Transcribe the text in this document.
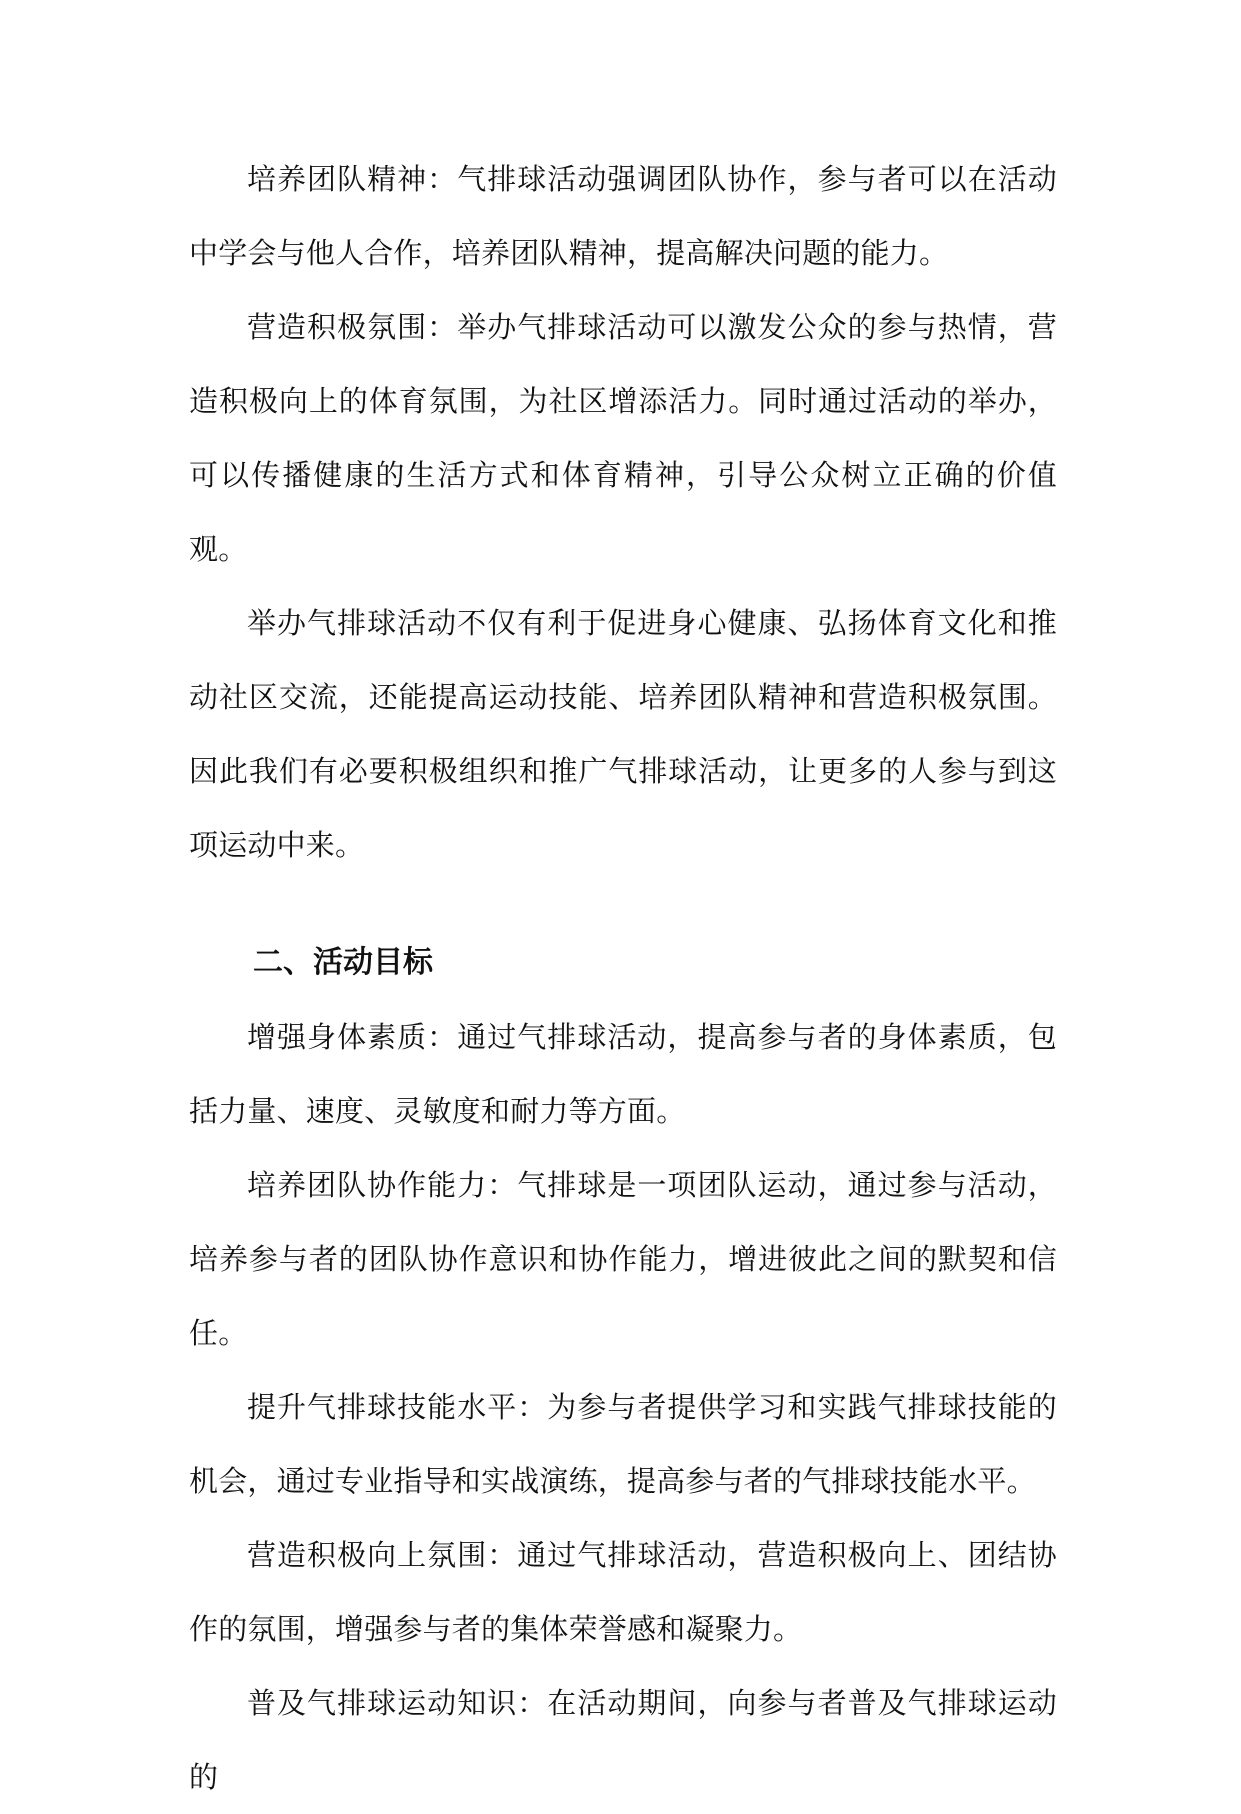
培养团队精神：气排球活动强调团队协作，参与者可以在活动中学会与他人合作，培养团队精神，提高解决问题的能力。

营造积极氛围：举办气排球活动可以激发公众的参与热情，营造积极向上的体育氛围，为社区增添活力。同时通过活动的举办，可以传播健康的生活方式和体育精神，引导公众树立正确的价值观。

举办气排球活动不仅有利于促进身心健康、弘扬体育文化和推动社区交流，还能提高运动技能、培养团队精神和营造积极氛围。因此我们有必要积极组织和推广气排球活动，让更多的人参与到这项运动中来。

二、活动目标

增强身体素质：通过气排球活动，提高参与者的身体素质，包括力量、速度、灵敏度和耐力等方面。

培养团队协作能力：气排球是一项团队运动，通过参与活动，培养参与者的团队协作意识和协作能力，增进彼此之间的默契和信任。

提升气排球技能水平：为参与者提供学习和实践气排球技能的机会，通过专业指导和实战演练，提高参与者的气排球技能水平。

营造积极向上氛围：通过气排球活动，营造积极向上、团结协作的氛围，增强参与者的集体荣誉感和凝聚力。

普及气排球运动知识：在活动期间，向参与者普及气排球运动的
